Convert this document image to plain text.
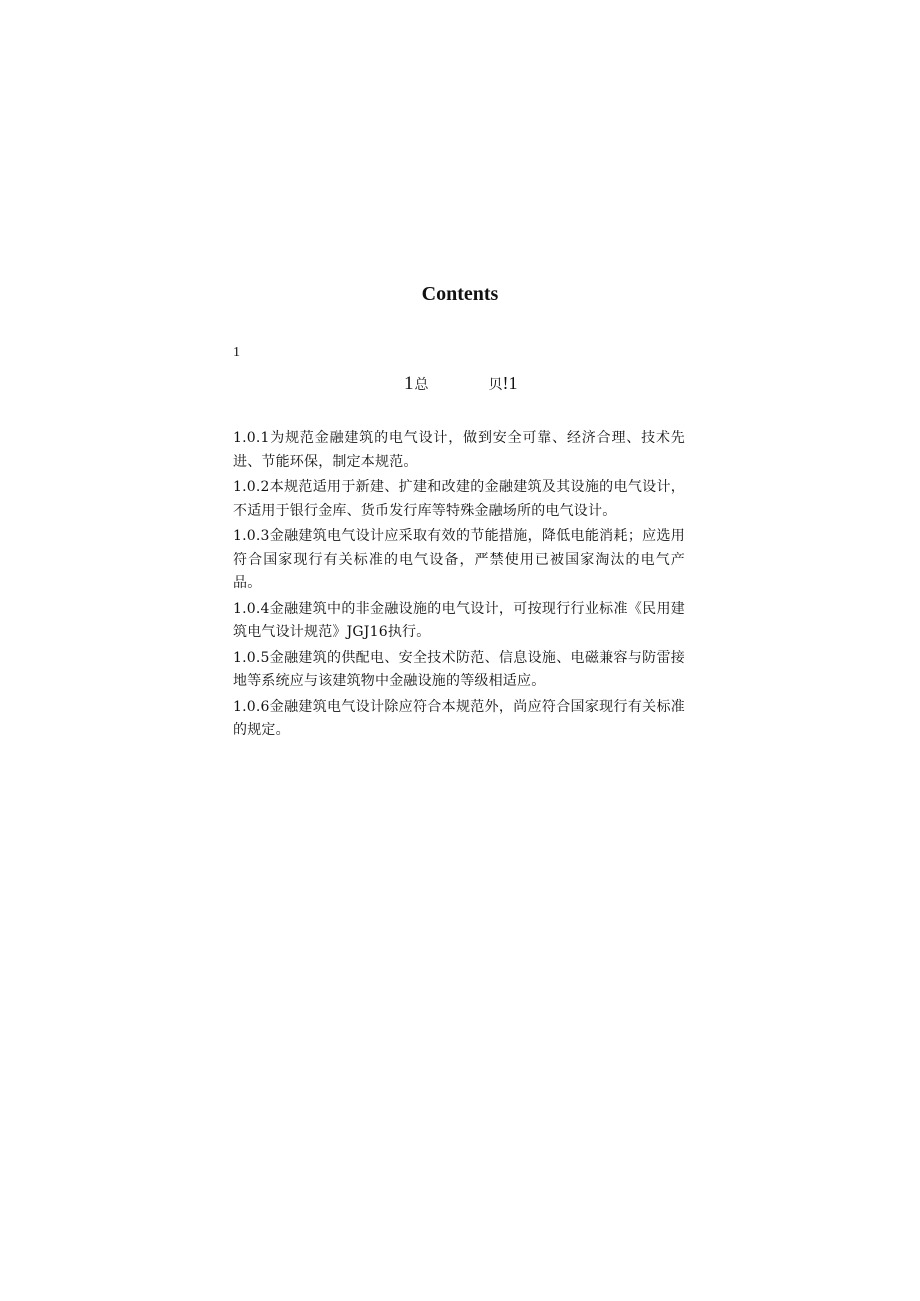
Contents
1
1总	贝!1

1.0.1为规范金融建筑的电气设计，做到安全可靠、经济合理、技术先进、节能环保，制定本规范。

1.0.2本规范适用于新建、扩建和改建的金融建筑及其设施的电气设计，不适用于银行金库、货币发行库等特殊金融场所的电气设计。

1.0.3金融建筑电气设计应采取有效的节能措施，降低电能消耗；应选用符合国家现行有关标准的电气设备，严禁使用已被国家淘汰的电气产品。

1.0.4金融建筑中的非金融设施的电气设计，可按现行行业标准《民用建筑电气设计规范》JGJ16执行。

1.0.5金融建筑的供配电、安全技术防范、信息设施、电磁兼容与防雷接地等系统应与该建筑物中金融设施的等级相适应。

1.0.6金融建筑电气设计除应符合本规范外，尚应符合国家现行有关标准的规定。
